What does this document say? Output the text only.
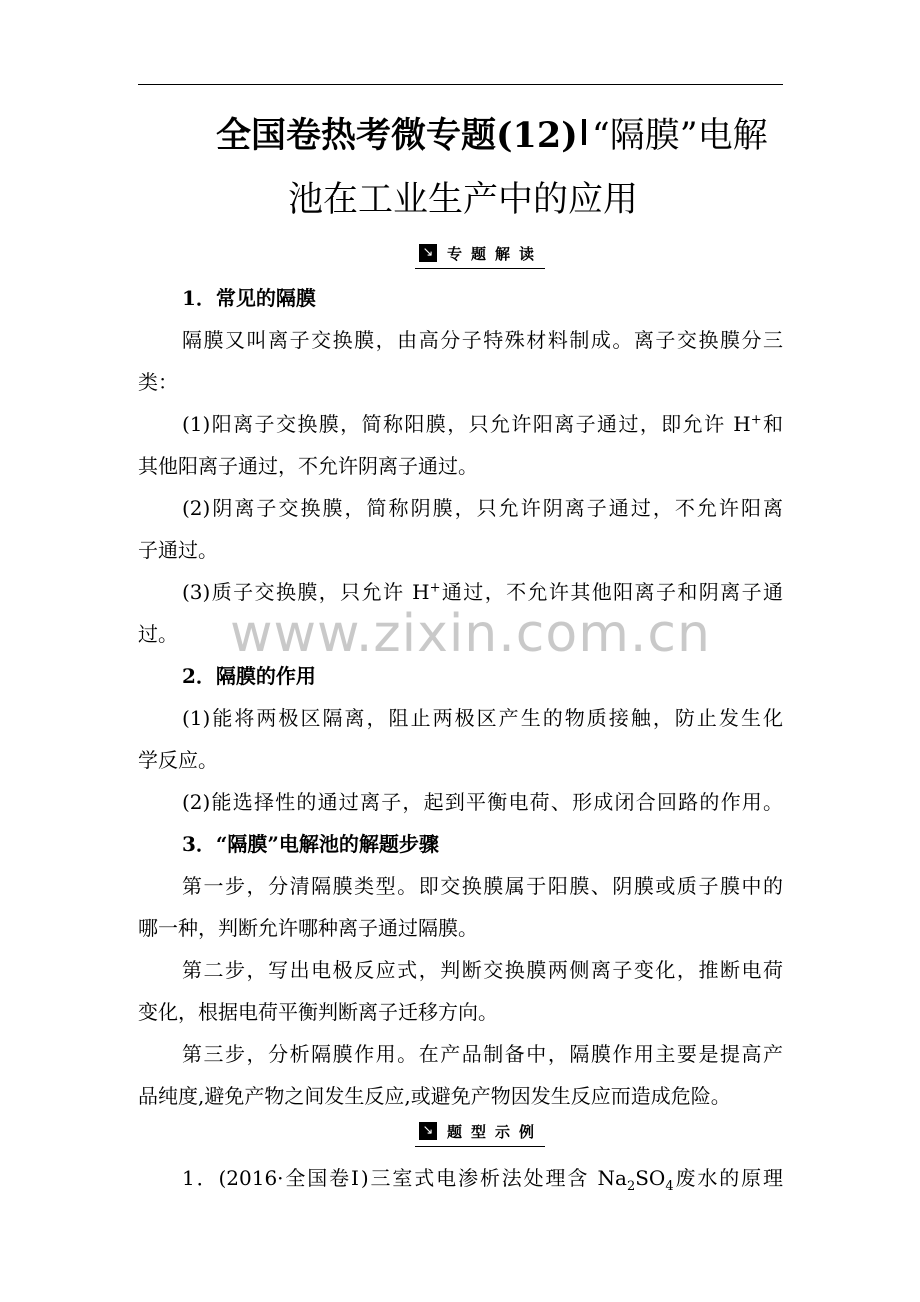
全国卷热考微专题(12) “隔膜”电解
池在工业生产中的应用
↘ 专题解读
www.zixin.com.cn
1．常见的隔膜
隔膜又叫离子交换膜，由高分子特殊材料制成。离子交换膜分三
类：
(1)阳离子交换膜，简称阳膜，只允许阳离子通过，即允许 H+和
其他阳离子通过，不允许阴离子通过。
(2)阴离子交换膜，简称阴膜，只允许阴离子通过，不允许阳离
子通过。
(3)质子交换膜，只允许 H+通过，不允许其他阳离子和阴离子通
过。
2．隔膜的作用
(1)能将两极区隔离，阻止两极区产生的物质接触，防止发生化
学反应。
(2)能选择性的通过离子，起到平衡电荷、形成闭合回路的作用。
3．“隔膜”电解池的解题步骤
第一步，分清隔膜类型。即交换膜属于阳膜、阴膜或质子膜中的
哪一种，判断允许哪种离子通过隔膜。
第二步，写出电极反应式，判断交换膜两侧离子变化，推断电荷
变化，根据电荷平衡判断离子迁移方向。
第三步，分析隔膜作用。在产品制备中，隔膜作用主要是提高产
品纯度,避免产物之间发生反应,或避免产物因发生反应而造成危险。
↘ 题型示例
1．(2016·全国卷Ⅰ)三室式电渗析法处理含 $Na_2SO_4$废水的原理
